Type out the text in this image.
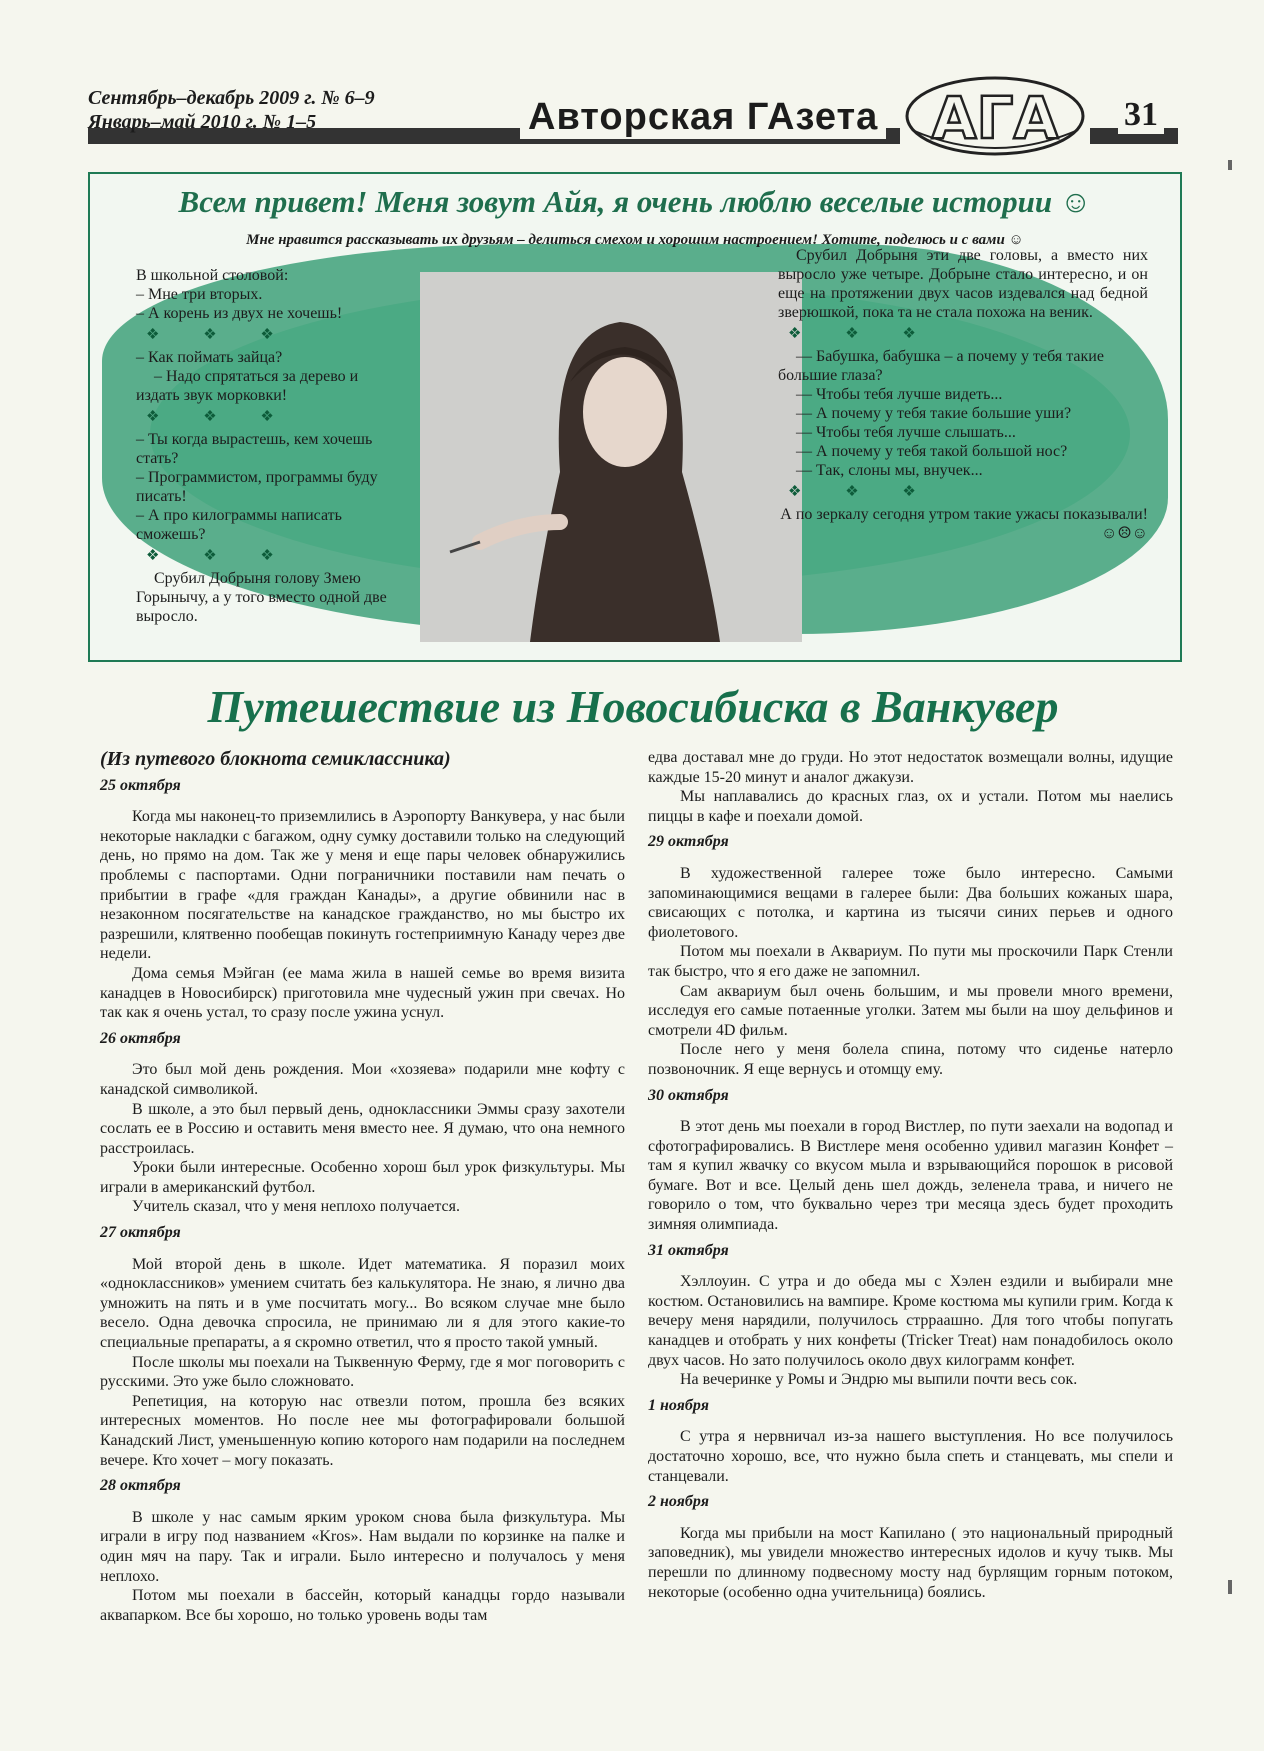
Сентябрь–декабрь 2009 г. № 6–9
Январь–май 2010 г. № 1–5	Авторская ГАзета АГА 31
Всем привет! Меня зовут Айя, я очень люблю веселые истории ☺
Мне нравится рассказывать их друзьям – делиться смехом и хорошим настроением! Хотите, поделюсь и с вами ☺

В школьной столовой:

– Мне три вторых.

– А корень из двух не хочешь!

❖ ❖ ❖

– Как поймать зайца?

– Надо спрятаться за дерево и издать звук морковки!

❖ ❖ ❖

– Ты когда вырастешь, кем хочешь стать?

– Программистом, программы буду писать!

– А про килограммы написать сможешь?

❖ ❖ ❖

Срубил Добрыня голову Змею Горынычу, а у того вместо одной две выросло.

Срубил Добрыня эти две головы, а вместо них выросло уже четыре. Добрыне стало интересно, и он еще на протяжении двух часов издевался над бедной зверюшкой, пока та не стала похожа на веник.

❖ ❖ ❖

— Бабушка, бабушка – а почему у тебя такие большие глаза?

— Чтобы тебя лучше видеть...

— А почему у тебя такие большие уши?

— Чтобы тебя лучше слышать...

— А почему у тебя такой большой нос?

— Так, слоны мы, внучек...

❖ ❖ ❖

А по зеркалу сегодня утром такие ужасы показывали! ☺☹☺

Путешествие из Новосибиска в Ванкувер

(Из путевого блокнота семиклассника)

25 октября

Когда мы наконец-то приземлились в Аэропорту Ванкувера, у нас были некоторые накладки с багажом, одну сумку доставили только на следующий день, но прямо на дом. Так же у меня и еще пары человек обнаружились проблемы с паспортами. Одни пограничники поставили нам печать о прибытии в графе «для граждан Канады», а другие обвинили нас в незаконном посягательстве на канадское гражданство, но мы быстро их разрешили, клятвенно пообещав покинуть гостеприимную Канаду через две недели.

Дома семья Мэйган (ее мама жила в нашей семье во время визита канадцев в Новосибирск) приготовила мне чудесный ужин при свечах. Но так как я очень устал, то сразу после ужина уснул.

26 октября

Это был мой день рождения. Мои «хозяева» подарили мне кофту с канадской символикой.

В школе, а это был первый день, одноклассники Эммы сразу захотели сослать ее в Россию и оставить меня вместо нее. Я думаю, что она немного расстроилась.

Уроки были интересные. Особенно хорош был урок физкультуры. Мы играли в американский футбол.

Учитель сказал, что у меня неплохо получается.

27 октября

Мой второй день в школе. Идет математика. Я поразил моих «одноклассников» умением считать без калькулятора. Не знаю, я лично два умножить на пять и в уме посчитать могу... Во всяком случае мне было весело. Одна девочка спросила, не принимаю ли я для этого какие-то специальные препараты, а я скромно ответил, что я просто такой умный.

После школы мы поехали на Тыквенную Ферму, где я мог поговорить с русскими. Это уже было сложновато.

Репетиция, на которую нас отвезли потом, прошла без всяких интересных моментов. Но после нее мы фотографировали большой Канадский Лист, уменьшенную копию которого нам подарили на последнем вечере. Кто хочет – могу показать.

28 октября

В школе у нас самым ярким уроком снова была физкультура. Мы играли в игру под названием «Kros». Нам выдали по корзинке на палке и один мяч на пару. Так и играли. Было интересно и получалось у меня неплохо.

Потом мы поехали в бассейн, который канадцы гордо называли аквапарком. Все бы хорошо, но только уровень воды там

едва доставал мне до груди. Но этот недостаток возмещали волны, идущие каждые 15-20 минут и аналог джакузи.

Мы наплавались до красных глаз, ох и устали. Потом мы наелись пиццы в кафе и поехали домой.

29 октября

В художественной галерее тоже было интересно. Самыми запоминающимися вещами в галерее были: Два больших кожаных шара, свисающих с потолка, и картина из тысячи синих перьев и одного фиолетового.

Потом мы поехали в Аквариум. По пути мы проскочили Парк Стенли так быстро, что я его даже не запомнил.

Сам аквариум был очень большим, и мы провели много времени, исследуя его самые потаенные уголки. Затем мы были на шоу дельфинов и смотрели 4D фильм.

После него у меня болела спина, потому что сиденье натерло позвоночник. Я еще вернусь и отомщу ему.

30 октября

В этот день мы поехали в город Вистлер, по пути заехали на водопад и сфотографировались. В Вистлере меня особенно удивил магазин Конфет – там я купил жвачку со вкусом мыла и взрывающийся порошок в рисовой бумаге. Вот и все. Целый день шел дождь, зеленела трава, и ничего не говорило о том, что буквально через три месяца здесь будет проходить зимняя олимпиада.

31 октября

Хэллоуин. С утра и до обеда мы с Хэлен ездили и выбирали мне костюм. Остановились на вампире. Кроме костюма мы купили грим. Когда к вечеру меня нарядили, получилось стрраашно. Для того чтобы попугать канадцев и отобрать у них конфеты (Tricker Treat) нам понадобилось около двух часов. Но зато получилось около двух килограмм конфет.

На вечеринке у Ромы и Эндрю мы выпили почти весь сок.

1 ноября

С утра я нервничал из-за нашего выступления. Но все получилось достаточно хорошо, все, что нужно была спеть и станцевать, мы спели и станцевали.

2 ноября

Когда мы прибыли на мост Капилано ( это национальный природный заповедник), мы увидели множество интересных идолов и кучу тыкв. Мы перешли по длинному подвесному мосту над бурлящим горным потоком, некоторые (особенно одна учительница) боялись.
